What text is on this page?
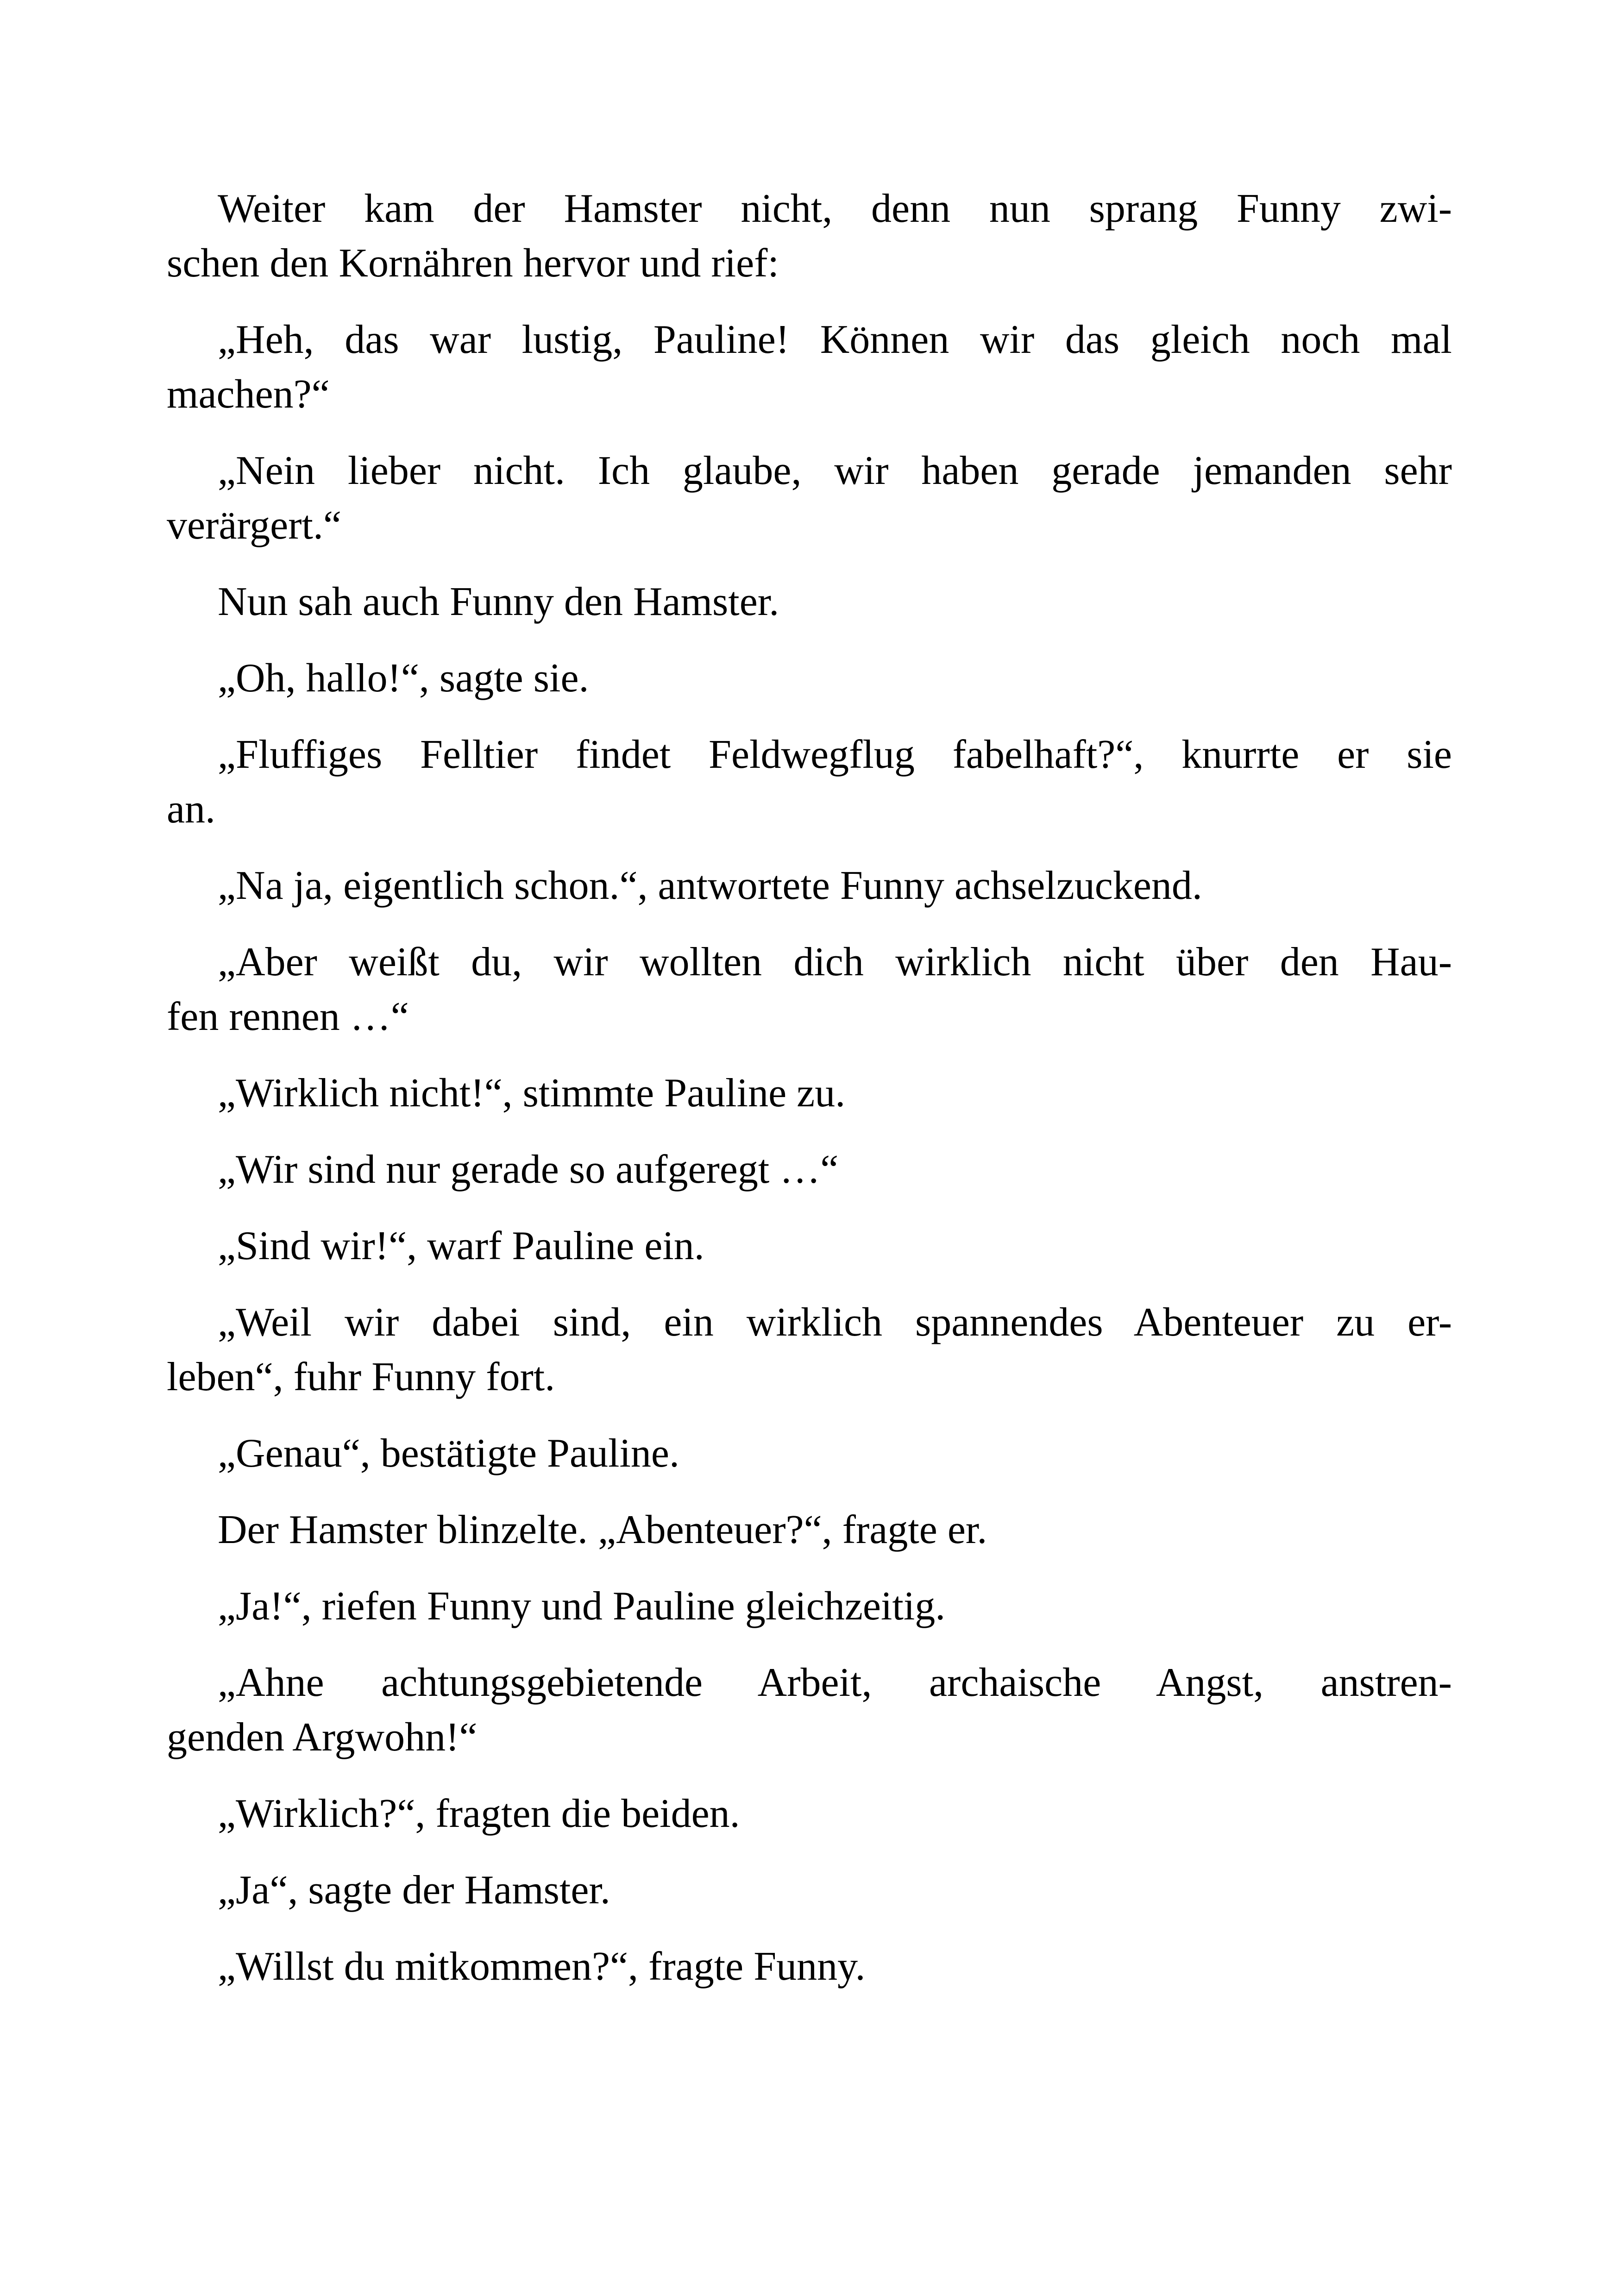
Weiter kam der Hamster nicht, denn nun sprang Funny zwi-
schen den Kornähren hervor und rief:

„Heh, das war lustig, Pauline! Können wir das gleich noch mal
machen?“

„Nein lieber nicht. Ich glaube, wir haben gerade jemanden sehr
verärgert.“

Nun sah auch Funny den Hamster.

„Oh, hallo!“, sagte sie.

„Fluffiges Felltier findet Feldwegflug fabelhaft?“, knurrte er sie
an.

„Na ja, eigentlich schon.“, antwortete Funny achselzuckend.

„Aber weißt du, wir wollten dich wirklich nicht über den Hau-
fen rennen …“

„Wirklich nicht!“, stimmte Pauline zu.

„Wir sind nur gerade so aufgeregt …“

„Sind wir!“, warf Pauline ein.

„Weil wir dabei sind, ein wirklich spannendes Abenteuer zu er-
leben“, fuhr Funny fort.

„Genau“, bestätigte Pauline.

Der Hamster blinzelte. „Abenteuer?“, fragte er.

„Ja!“, riefen Funny und Pauline gleichzeitig.

„Ahne achtungsgebietende Arbeit, archaische Angst, anstren-
genden Argwohn!“

„Wirklich?“, fragten die beiden.

„Ja“, sagte der Hamster.

„Willst du mitkommen?“, fragte Funny.
